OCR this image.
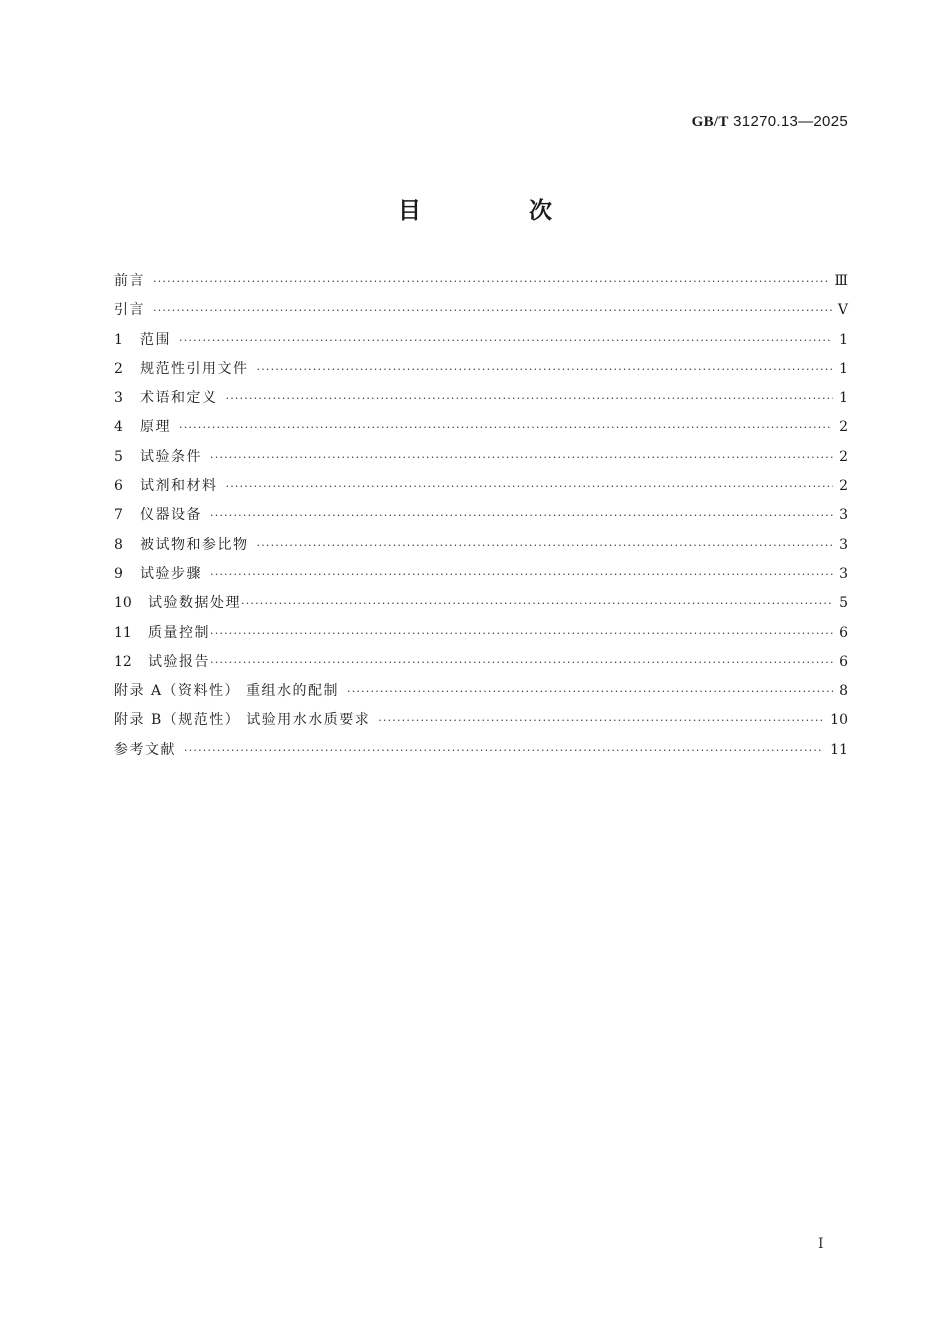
GB/T 31270.13—2025
目 次
前言 ·····	Ⅲ
引言 ·····	Ⅴ
1	范围 ·····	1
2	规范性引用文件 ·····	1
3	术语和定义 ·····	1
4	原理 ·····	2
5	试验条件 ·····	2
6	试剂和材料 ·····	2
7	仪器设备 ·····	3
8	被试物和参比物 ·····	3
9	试验步骤 ·····	3
10	试验数据处理 ·····	5
11	质量控制 ·····	6
12	试验报告 ·····	6
附录 A（资料性） 重组水的配制 ·····	8
附录 B（规范性） 试验用水水质要求 ·····	10
参考文献 ·····	11
Ⅰ
